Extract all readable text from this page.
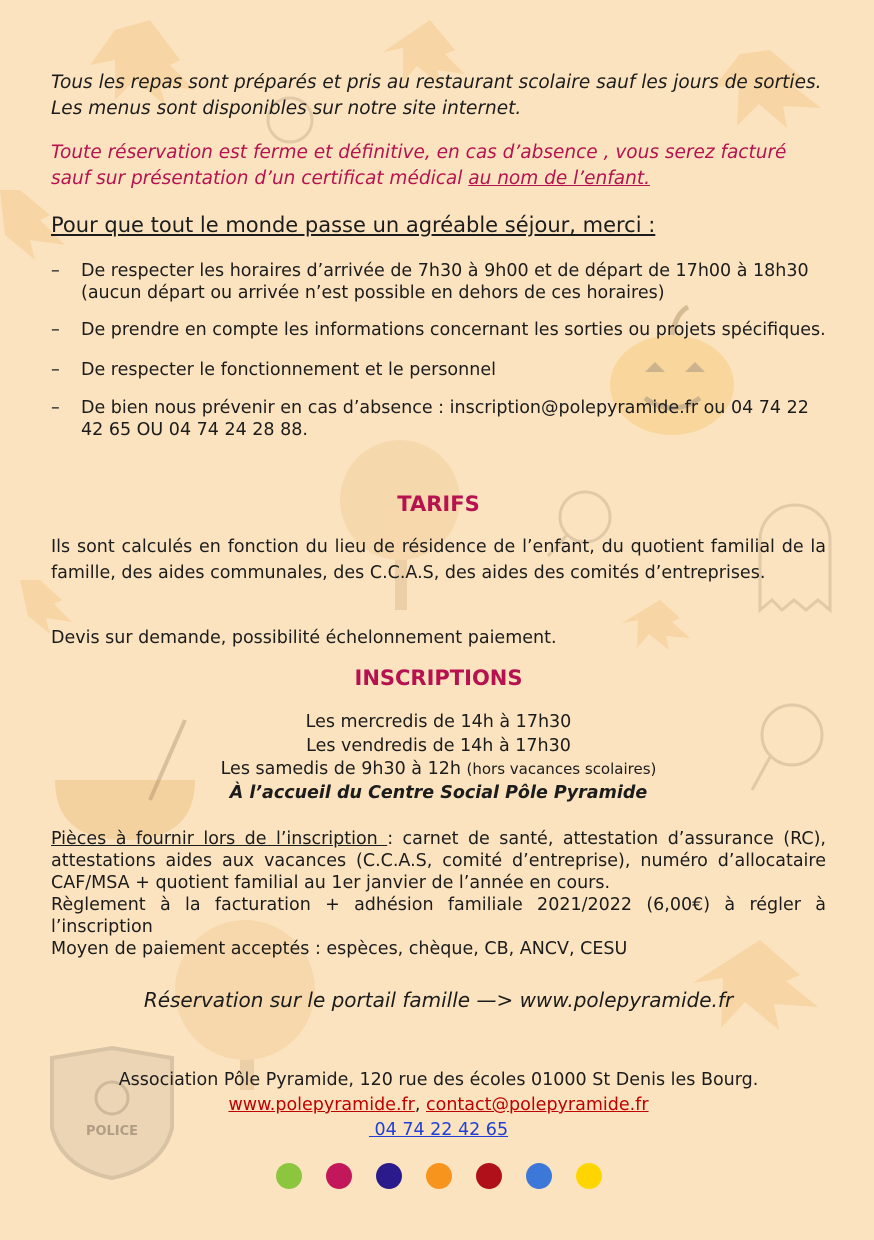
POLICE

Tous les repas sont préparés et pris au restaurant scolaire sauf les jours de sorties. Les menus sont disponibles sur notre site internet.

Toute réservation est ferme et définitive, en cas d’absence , vous serez facturé sauf sur présentation d’un certificat médical au nom de l’enfant.

Pour que tout le monde passe un agréable séjour, merci :

– De respecter les horaires d’arrivée de 7h30 à 9h00 et de départ de 17h00 à 18h30 (aucun départ ou arrivée n’est possible en dehors de ces horaires)
– De prendre en compte les informations concernant les sorties ou projets spécifiques.
– De respecter le fonctionnement et le personnel
– De bien nous prévenir en cas d’absence : inscription@polepyramide.fr ou 04 74 22 42 65 OU 04 74 24 28 88.
TARIFS

Ils sont calculés en fonction du lieu de résidence de l’enfant, du quotient familial de la famille, des aides communales, des C.C.A.S, des aides des comités d’entreprises.

Devis sur demande, possibilité échelonnement paiement.

INSCRIPTIONS
Les mercredis de 14h à 17h30
Les vendredis de 14h à 17h30
Les samedis de 9h30 à 12h (hors vacances scolaires)
À l’accueil du Centre Social Pôle Pyramide
Pièces à fournir lors de l’inscription : carnet de santé, attestation d’assurance (RC), attestations aides aux vacances (C.C.A.S, comité d’entreprise), numéro d’allocataire CAF/MSA + quotient familial au 1er janvier de l’année en cours.
Règlement à la facturation + adhésion familiale 2021/2022 (6,00€) à régler à l’inscription
Moyen de paiement acceptés : espèces, chèque, CB, ANCV, CESU

Réservation sur le portail famille —> www.polepyramide.fr

Association Pôle Pyramide, 120 rue des écoles 01000 St Denis les Bourg.
www.polepyramide.fr, contact@polepyramide.fr
04 74 22 42 65
